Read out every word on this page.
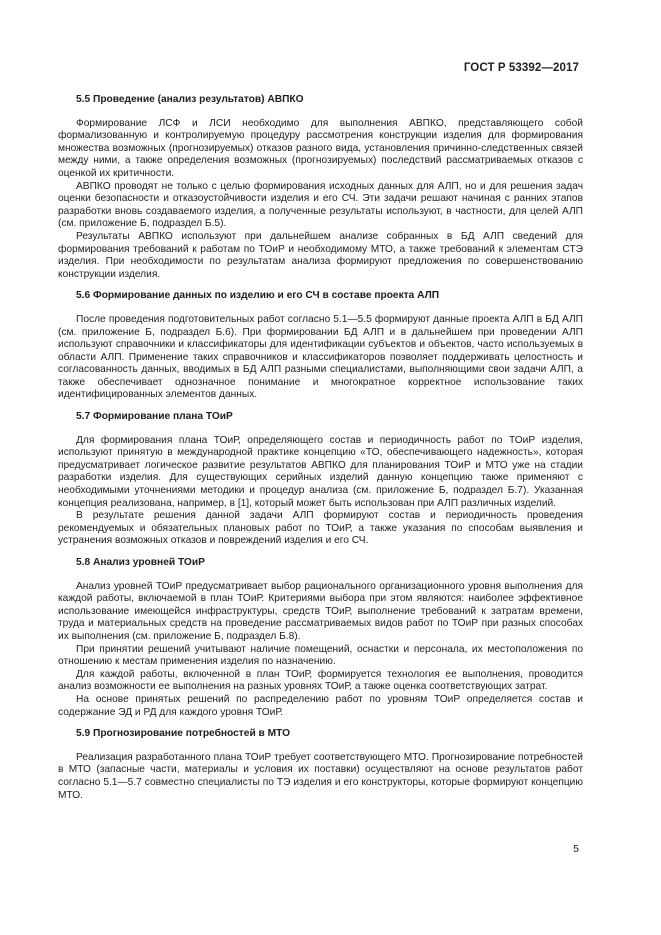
ГОСТ Р 53392—2017
5.5 Проведение (анализ результатов) АВПКО

Формирование ЛСФ и ЛСИ необходимо для выполнения АВПКО, представляющего собой формализованную и контролируемую процедуру рассмотрения конструкции изделия для формирования множества возможных (прогнозируемых) отказов разного вида, установления причинно-следственных связей между ними, а также определения возможных (прогнозируемых) последствий рассматриваемых отказов с оценкой их критичности.

АВПКО проводят не только с целью формирования исходных данных для АЛП, но и для решения задач оценки безопасности и отказоустойчивости изделия и его СЧ. Эти задачи решают начиная с ранних этапов разработки вновь создаваемого изделия, а полученные результаты используют, в частности, для целей АЛП (см. приложение Б, подраздел Б.5).

Результаты АВПКО используют при дальнейшем анализе собранных в БД АЛП сведений для формирования требований к работам по ТОиР и необходимому МТО, а также требований к элементам СТЭ изделия. При необходимости по результатам анализа формируют предложения по совершенствованию конструкции изделия.

5.6 Формирование данных по изделию и его СЧ в составе проекта АЛП

После проведения подготовительных работ согласно 5.1—5.5 формируют данные проекта АЛП в БД АЛП (см. приложение Б, подраздел Б.6). При формировании БД АЛП и в дальнейшем при проведении АЛП используют справочники и классификаторы для идентификации субъектов и объектов, часто используемых в области АЛП. Применение таких справочников и классификаторов позволяет поддерживать целостность и согласованность данных, вводимых в БД АЛП разными специалистами, выполняющими свои задачи АЛП, а также обеспечивает однозначное понимание и многократное корректное использование таких идентифицированных элементов данных.

5.7 Формирование плана ТОиР

Для формирования плана ТОиР, определяющего состав и периодичность работ по ТОиР изделия, используют принятую в международной практике концепцию «ТО, обеспечивающего надежность», которая предусматривает логическое развитие результатов АВПКО для планирования ТОиР и МТО уже на стадии разработки изделия. Для существующих серийных изделий данную концепцию также применяют с необходимыми уточнениями методики и процедур анализа (см. приложение Б, подраздел Б.7). Указанная концепция реализована, например, в [1], который может быть использован при АЛП различных изделий.

В результате решения данной задачи АЛП формируют состав и периодичность проведения рекомендуемых и обязательных плановых работ по ТОиР, а также указания по способам выявления и устранения возможных отказов и повреждений изделия и его СЧ.

5.8 Анализ уровней ТОиР

Анализ уровней ТОиР предусматривает выбор рационального организационного уровня выполнения для каждой работы, включаемой в план ТОиР. Критериями выбора при этом являются: наиболее эффективное использование имеющейся инфраструктуры, средств ТОиР, выполнение требований к затратам времени, труда и материальных средств на проведение рассматриваемых видов работ по ТОиР при разных способах их выполнения (см. приложение Б, подраздел Б.8).

При принятии решений учитывают наличие помещений, оснастки и персонала, их местоположения по отношению к местам применения изделия по назначению.

Для каждой работы, включенной в план ТОиР, формируется технология ее выполнения, проводится анализ возможности ее выполнения на разных уровнях ТОиР, а также оценка соответствующих затрат.

На основе принятых решений по распределению работ по уровням ТОиР определяется состав и содержание ЭД и РД для каждого уровня ТОиР.

5.9 Прогнозирование потребностей в МТО

Реализация разработанного плана ТОиР требует соответствующего МТО. Прогнозирование потребностей в МТО (запасные части, материалы и условия их поставки) осуществляют на основе результатов работ согласно 5.1—5.7 совместно специалисты по ТЭ изделия и его конструкторы, которые формируют концепцию МТО.

5
